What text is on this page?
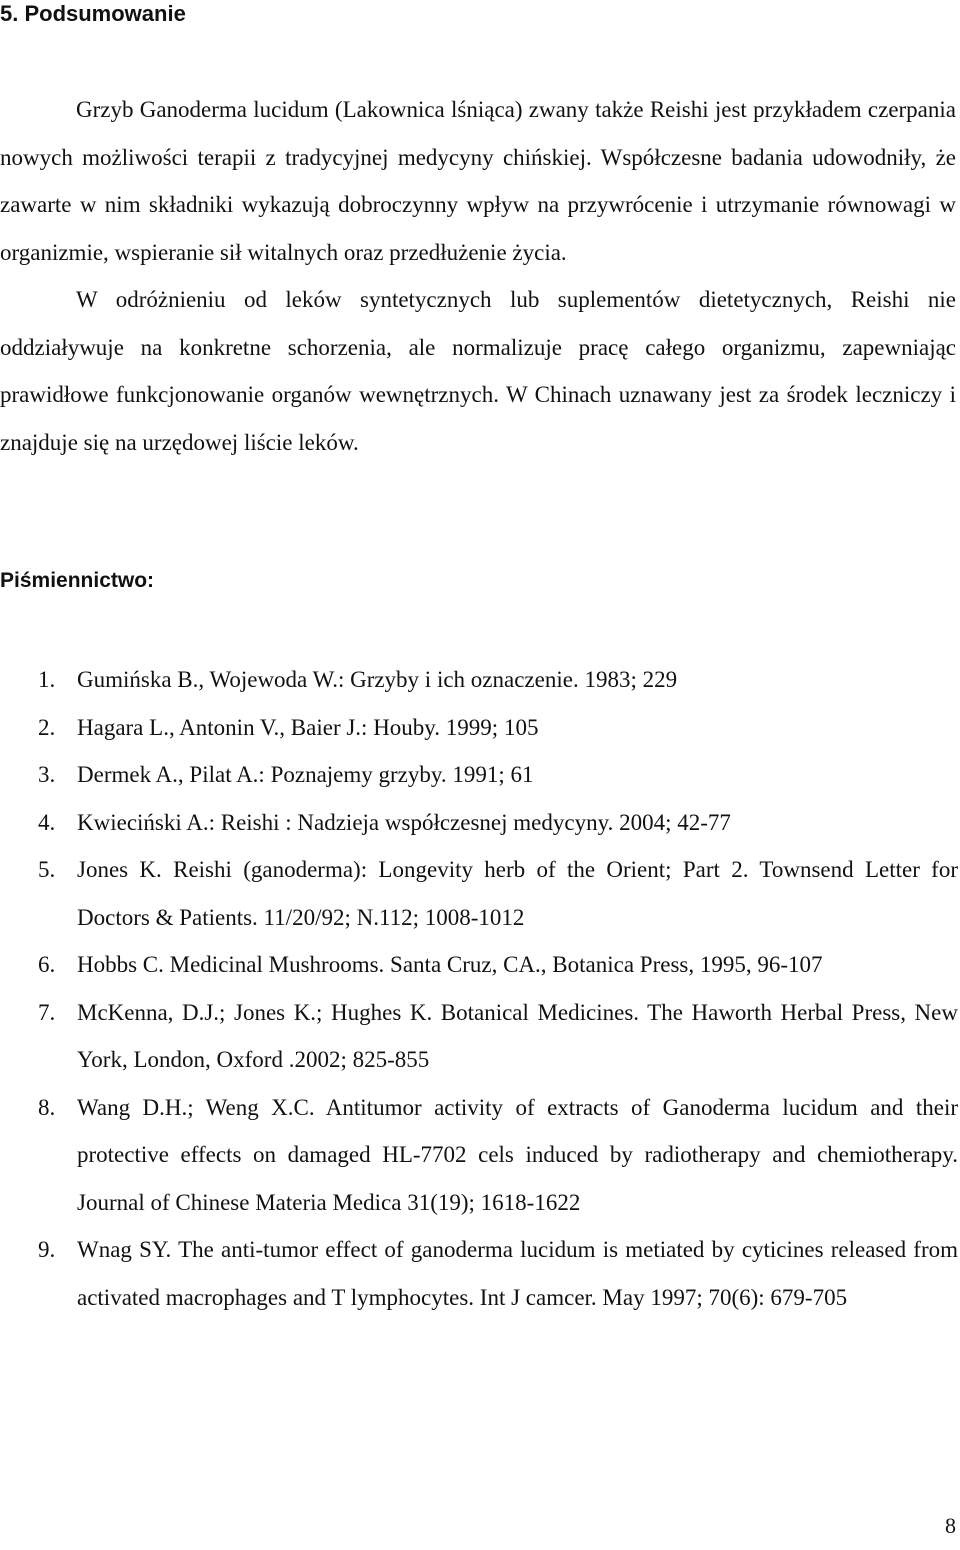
5. Podsumowanie

Grzyb Ganoderma lucidum (Lakownica lśniąca) zwany także Reishi jest przykładem czerpania nowych możliwości terapii z tradycyjnej medycyny chińskiej. Współczesne badania udowodniły, że zawarte w nim składniki wykazują dobroczynny wpływ na przywrócenie i utrzymanie równowagi w organizmie, wspieranie sił witalnych oraz przedłużenie życia.

W odróżnieniu od leków syntetycznych lub suplementów dietetycznych, Reishi nie oddziaływuje na konkretne schorzenia, ale normalizuje pracę całego organizmu, zapewniając prawidłowe funkcjonowanie organów wewnętrznych. W Chinach uznawany jest za środek leczniczy i znajduje się na urzędowej liście leków.

Piśmiennictwo:
1. Gumińska B., Wojewoda W.: Grzyby i ich oznaczenie. 1983; 229
2. Hagara L., Antonin V., Baier J.: Houby. 1999; 105
3. Dermek A., Pilat A.: Poznajemy grzyby. 1991; 61
4. Kwieciński A.: Reishi : Nadzieja współczesnej medycyny. 2004; 42-77
5. Jones K. Reishi (ganoderma): Longevity herb of the Orient; Part 2. Townsend Letter for Doctors & Patients. 11/20/92; N.112; 1008-1012
6. Hobbs C. Medicinal Mushrooms. Santa Cruz, CA., Botanica Press, 1995, 96-107
7. McKenna, D.J.; Jones K.; Hughes K. Botanical Medicines. The Haworth Herbal Press, New York, London, Oxford .2002; 825-855
8. Wang D.H.; Weng X.C. Antitumor activity of extracts of Ganoderma lucidum and their protective effects on damaged HL-7702 cels induced by radiotherapy and chemiotherapy. Journal of Chinese Materia Medica 31(19); 1618-1622
9. Wnag SY. The anti-tumor effect of ganoderma lucidum is metiated by cyticines released from activated macrophages and T lymphocytes. Int J camcer. May 1997; 70(6): 679-705
8
